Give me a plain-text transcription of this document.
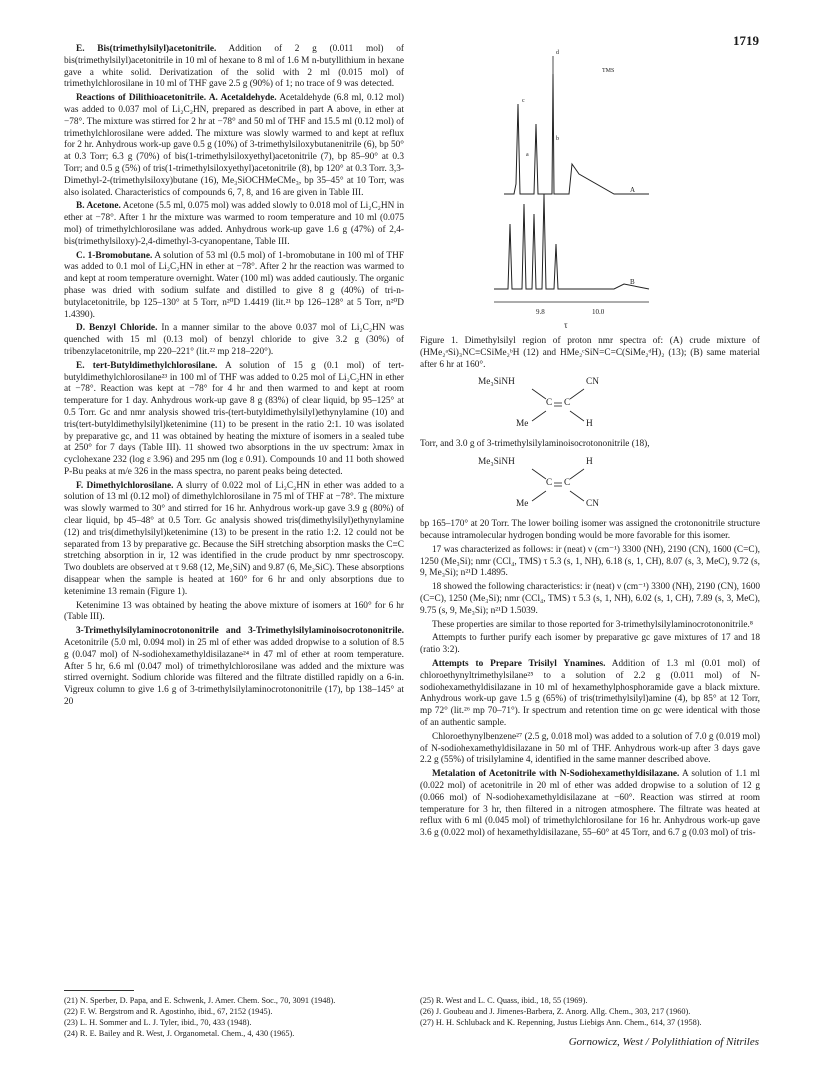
1719

E. Bis(trimethylsilyl)acetonitrile. Addition of 2 g (0.011 mol) of bis(trimethylsilyl)acetonitrile in 10 ml of hexane to 8 ml of 1.6 M n-butyllithium in hexane gave a white solid. Derivatization of the solid with 2 ml (0.015 mol) of trimethylchlorosilane in 10 ml of THF gave 2.5 g (90%) of 1; no trace of 9 was detected.

Reactions of Dilithioacetonitrile. A. Acetaldehyde. Acetaldehyde (6.8 ml, 0.12 mol) was added to 0.037 mol of Li₂C₂HN, prepared as described in part A above, in ether at −78°. The mixture was stirred for 2 hr at −78° and 50 ml of THF and 15.5 ml (0.12 mol) of trimethylchlorosilane were added. The mixture was slowly warmed to and kept at reflux for 2 hr. Anhydrous work-up gave 0.5 g (10%) of 3-trimethylsiloxybutanenitrile (6), bp 50° at 0.3 Torr; 6.3 g (70%) of bis(1-trimethylsiloxyethyl)acetonitrile (7), bp 85–90° at 0.3 Torr; and 0.5 g (5%) of tris(1-trimethylsiloxyethyl)acetonitrile (8), bp 120° at 0.3 Torr. 3,3-Dimethyl-2-(trimethylsiloxy)butane (16), Me₃SiOCHMeCMe₃, bp 35–45° at 10 Torr, was also isolated. Characteristics of compounds 6, 7, 8, and 16 are given in Table III.

B. Acetone. Acetone (5.5 ml, 0.075 mol) was added slowly to 0.018 mol of Li₂C₂HN in ether at −78°. After 1 hr the mixture was warmed to room temperature and 10 ml (0.075 mol) of trimethylchlorosilane was added. Anhydrous work-up gave 1.6 g (47%) of 2,4-bis(trimethylsiloxy)-2,4-dimethyl-3-cyanopentane, Table III.

C. 1-Bromobutane. A solution of 53 ml (0.5 mol) of 1-bromobutane in 100 ml of THF was added to 0.1 mol of Li₂C₂HN in ether at −78°. After 2 hr the reaction was warmed to and kept at room temperature overnight. Water (100 ml) was added cautiously. The organic phase was dried with sodium sulfate and distilled to give 8 g (40%) of tri-n-butylacetonitrile, bp 125–130° at 5 Torr, n²⁰D 1.4419 (lit.²¹ bp 126–128° at 5 Torr, n²⁰D 1.4390).

D. Benzyl Chloride. In a manner similar to the above 0.037 mol of Li₂C₂HN was quenched with 15 ml (0.13 mol) of benzyl chloride to give 3.2 g (30%) of tribenzylacetonitrile, mp 220–221° (lit.²² mp 218–220°).

E. tert-Butyldimethylchlorosilane. A solution of 15 g (0.1 mol) of tert-butyldimethylchlorosilane²³ in 100 ml of THF was added to 0.25 mol of Li₂C₂HN in ether at −78°. Reaction was kept at −78° for 4 hr and then warmed to and kept at room temperature for 1 day. Anhydrous work-up gave 8 g (83%) of clear liquid, bp 95–125° at 0.5 Torr. Gc and nmr analysis showed tris-(tert-butyldimethylsilyl)ethynylamine (10) and tris(tert-butyldimethylsilyl)ketenimine (11) to be present in the ratio 2:1. 10 was isolated by preparative gc, and 11 was obtained by heating the mixture of isomers in a sealed tube at 250° for 7 days (Table III). 11 showed two absorptions in the uv spectrum: λmax in cyclohexane 232 (log ε 3.96) and 295 nm (log ε 0.91). Compounds 10 and 11 both showed P-Bu peaks at m/e 326 in the mass spectra, no parent peaks being detected.

F. Dimethylchlorosilane. A slurry of 0.022 mol of Li₂C₂HN in ether was added to a solution of 13 ml (0.12 mol) of dimethylchlorosilane in 75 ml of THF at −78°. The mixture was slowly warmed to 30° and stirred for 16 hr. Anhydrous work-up gave 3.9 g (80%) of clear liquid, bp 45–48° at 0.5 Torr. Gc analysis showed tris(dimethylsilyl)ethynylamine (12) and tris(dimethylsilyl)ketenimine (13) to be present in the ratio 1:2. 12 could not be separated from 13 by preparative gc. Because the SiH stretching absorption masks the C≡C stretching absorption in ir, 12 was identified in the crude product by nmr spectroscopy. Two doublets are observed at τ 9.68 (12, Me₂SiN) and 9.87 (6, Me₂SiC). These absorptions disappear when the sample is heated at 160° for 6 hr and only absorptions due to ketenimine 13 remain (Figure 1).

Ketenimine 13 was obtained by heating the above mixture of isomers at 160° for 6 hr (Table III).

3-Trimethylsilylaminocrotononitrile and 3-Trimethylsilylaminoisocrotononitrile. Acetonitrile (5.0 ml, 0.094 mol) in 25 ml of ether was added dropwise to a solution of 8.5 g (0.047 mol) of N-sodiohexamethyldisilazane²⁴ in 47 ml of ether at room temperature. After 5 hr, 6.6 ml (0.047 mol) of trimethylchlorosilane was added and the mixture was stirred overnight. Sodium chloride was filtered and the filtrate distilled rapidly on a 6-in. Vigreux column to give 1.6 g of 3-trimethylsilylaminocrotononitrile (17), bp 138–145° at 20

TMS
d
c
b
a
A
B
9.8	10.0
τ

Figure 1. Dimethylsilyl region of proton nmr spectra of: (A) crude mixture of (HMe₂ᵃSi)₃NC≡CSiMe₂ᵇH (12) and HMe₂ᶜSiN=C=C(SiMe₂ᵈH)₂ (13); (B) same material after 6 hr at 160°.

Me₃SiNH	CN
C C
Me	H

Torr, and 3.0 g of 3-trimethylsilylaminoisocrotononitrile (18),

Me₃SiNH	H
C C
Me	CN

bp 165–170° at 20 Torr. The lower boiling isomer was assigned the crotononitrile structure because intramolecular hydrogen bonding would be more favorable for this isomer.

17 was characterized as follows: ir (neat) ν (cm⁻¹) 3300 (NH), 2190 (CN), 1600 (C=C), 1250 (Me₃Si); nmr (CCl₄, TMS) τ 5.3 (s, 1, NH), 6.18 (s, 1, CH), 8.07 (s, 3, MeC), 9.72 (s, 9, Me₃Si); n²¹D 1.4895.

18 showed the following characteristics: ir (neat) ν (cm⁻¹) 3300 (NH), 2190 (CN), 1600 (C=C), 1250 (Me₃Si); nmr (CCl₄, TMS) τ 5.3 (s, 1, NH), 6.02 (s, 1, CH), 7.89 (s, 3, MeC), 9.75 (s, 9, Me₃Si); n²¹D 1.5039.

These properties are similar to those reported for 3-trimethylsilylaminocrotononitrile.⁸

Attempts to further purify each isomer by preparative gc gave mixtures of 17 and 18 (ratio 3:2).

Attempts to Prepare Trisilyl Ynamines. Addition of 1.3 ml (0.01 mol) of chloroethynyltrimethylsilane²⁵ to a solution of 2.2 g (0.011 mol) of N-sodiohexamethyldisilazane in 10 ml of hexamethylphosphoramide gave a black mixture. Anhydrous work-up gave 1.5 g (65%) of tris(trimethylsilyl)amine (4), bp 85° at 12 Torr, mp 72° (lit.²⁶ mp 70–71°). Ir spectrum and retention time on gc were identical with those of an authentic sample.

Chloroethynylbenzene²⁷ (2.5 g, 0.018 mol) was added to a solution of 7.0 g (0.019 mol) of N-sodiohexamethyldisilazane in 50 ml of THF. Anhydrous work-up after 3 days gave 2.2 g (55%) of trisilylamine 4, identified in the same manner described above.

Metalation of Acetonitrile with N-Sodiohexamethyldisilazane. A solution of 1.1 ml (0.022 mol) of acetonitrile in 20 ml of ether was added dropwise to a solution of 12 g (0.066 mol) of N-sodiohexamethyldisilazane at −60°. Reaction was stirred at room temperature for 3 hr, then filtered in a nitrogen atmosphere. The filtrate was heated at reflux with 6 ml (0.045 mol) of trimethylchlorosilane for 16 hr. Anhydrous work-up gave 3.6 g (0.022 mol) of hexamethyldisilazane, 55–60° at 45 Torr, and 6.7 g (0.03 mol) of tris-

(21) N. Sperber, D. Papa, and E. Schwenk, J. Amer. Chem. Soc., 70, 3091 (1948).
(22) F. W. Bergstrom and R. Agostinho, ibid., 67, 2152 (1945).
(23) L. H. Sommer and L. J. Tyler, ibid., 70, 433 (1948).
(24) R. E. Bailey and R. West, J. Organometal. Chem., 4, 430 (1965).
(25) R. West and L. C. Quass, ibid., 18, 55 (1969).
(26) J. Goubeau and J. Jimenes-Barbera, Z. Anorg. Allg. Chem., 303, 217 (1960).
(27) H. H. Schluback and K. Repenning, Justus Liebigs Ann. Chem., 614, 37 (1958).
Gornowicz, West / Polylithiation of Nitriles
